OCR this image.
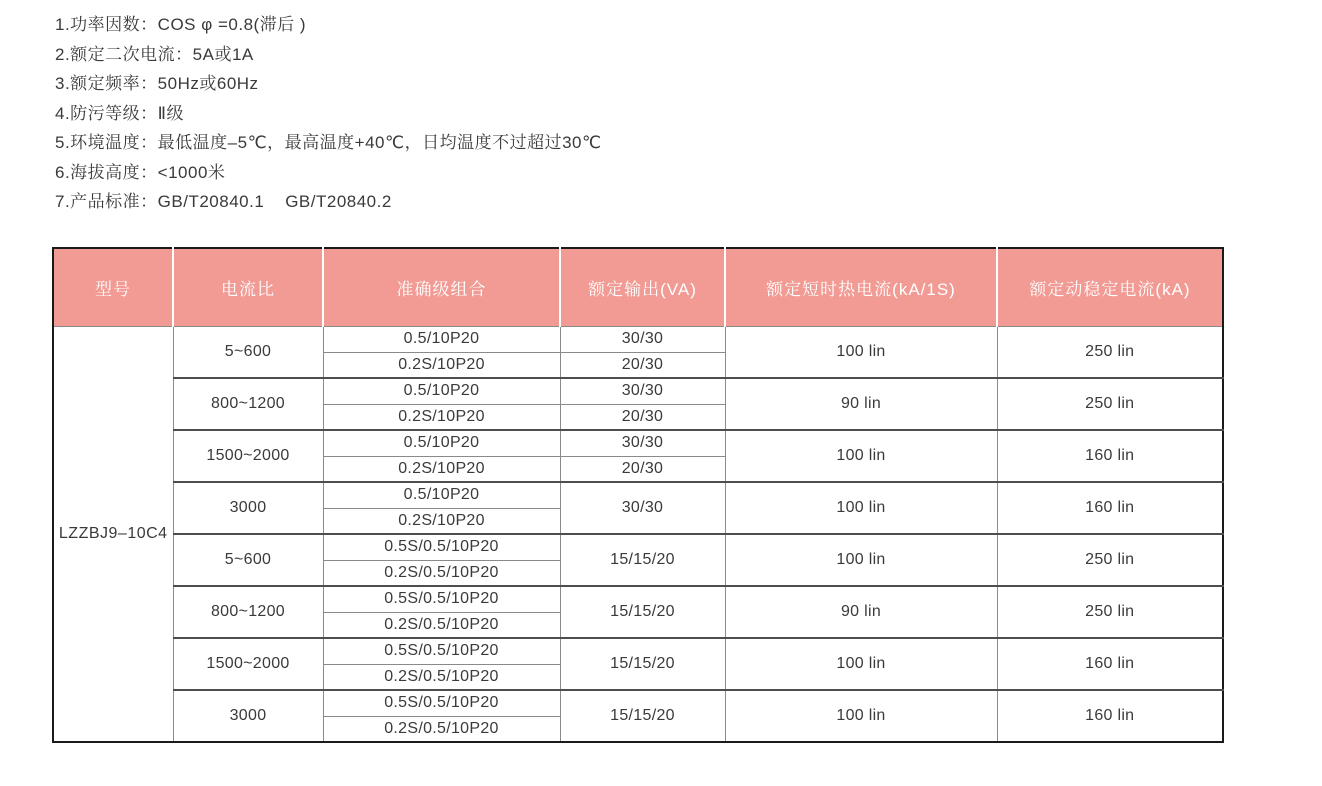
1.功率因数：COS φ =0.8(滞后 )
2.额定二次电流：5A或1A
3.额定频率：50Hz或60Hz
4.防污等级：Ⅱ级
5.环境温度：最低温度–5℃，最高温度+40℃，日均温度不过超过30℃
6.海拔高度：<1000米
7.产品标准：GB/T20840.1    GB/T20840.2
型号	电流比	准确级组合	额定输出(VA)	额定短时热电流(kA/1S)	额定动稳定电流(kA)
LZZBJ9–10C4	5~600	0.5/10P20	30/30	100 lin	250 lin
		0.2S/10P20	20/30		
	800~1200	0.5/10P20	30/30	90 lin	250 lin
		0.2S/10P20	20/30		
	1500~2000	0.5/10P20	30/30	100 lin	160 lin
		0.2S/10P20	20/30		
	3000	0.5/10P20	30/30	100 lin	160 lin
		0.2S/10P20			
	5~600	0.5S/0.5/10P20	15/15/20	100 lin	250 lin
		0.2S/0.5/10P20			
	800~1200	0.5S/0.5/10P20	15/15/20	90 lin	250 lin
		0.2S/0.5/10P20			
	1500~2000	0.5S/0.5/10P20	15/15/20	100 lin	160 lin
		0.2S/0.5/10P20			
	3000	0.5S/0.5/10P20	15/15/20	100 lin	160 lin
		0.2S/0.5/10P20			
